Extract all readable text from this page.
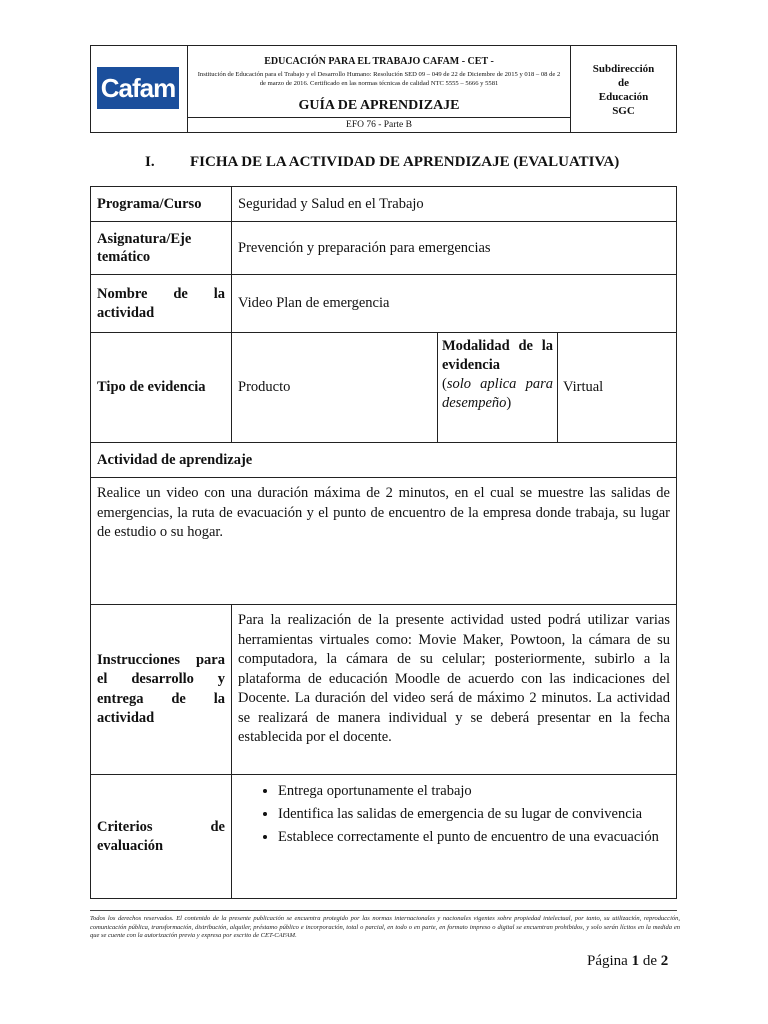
Cafam
EDUCACIÓN PARA EL TRABAJO CAFAM - CET -
Institución de Educación para el Trabajo y el Desarrollo Humano: Resolución SED 09 – 049 de 22 de Diciembre de 2015 y 018 – 08 de 2 de marzo de 2016. Certificado en las normas técnicas de calidad NTC 5555 – 5666 y 5581
GUÍA DE APRENDIZAJE
EFO 76 - Parte B
Subdirección
de
Educación
SGC
I. FICHA DE LA ACTIVIDAD DE APRENDIZAJE (EVALUATIVA)
Programa/Curso	Seguridad y Salud en el Trabajo
Asignatura/Eje temático
Prevención y preparación para emergencias
Nombre de la actividad
Video Plan de emergencia
Tipo de evidencia	Producto
Modalidad de la evidencia
(solo aplica para desempeño)
Virtual
Actividad de aprendizaje
Realice un video con una duración máxima de 2 minutos, en el cual se muestre las salidas de emergencias, la ruta de evacuación y el punto de encuentro de la empresa donde trabaja, su lugar de estudio o su hogar.
Instrucciones para el desarrollo y entrega de la actividad
Para la realización de la presente actividad usted podrá utilizar varias herramientas virtuales como: Movie Maker, Powtoon, la cámara de su computadora, la cámara de su celular; posteriormente, subirlo a la plataforma de educación Moodle de acuerdo con las indicaciones del Docente. La duración del video será de máximo 2 minutos. La actividad se realizará de manera individual y se deberá presentar en la fecha establecida por el docente.
Criterios de evaluación
• Entrega oportunamente el trabajo
• Identifica las salidas de emergencia de su lugar de convivencia
• Establece correctamente el punto de encuentro de una evacuación
Todos los derechos reservados. El contenido de la presente publicación se encuentra protegido por las normas internacionales y nacionales vigentes sobre propiedad intelectual, por tanto, su utilización, reproducción, comunicación pública, transformación, distribución, alquiler, préstamo público e incorporación, total o parcial, en todo o en parte, en formato impreso o digital se encuentran prohibidos, y solo serán lícitos en la medida en que se cuente con la autorización previa y expresa por escrito de CET-CAFAM.
Página 1 de 2
